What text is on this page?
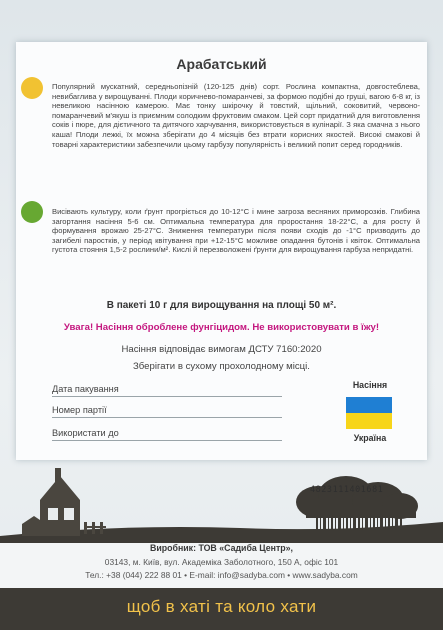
Арабатський
Популярний мускатний, середньопізній (120-125 днів) сорт. Рослина компактна, довгостеблева, невибаглива у вирощуванні. Плоди коричнево-помаранчеві, за формою подібні до груші, вагою 6-8 кг, із невеликою насінною камерою. Має тонку шкірочку й товстий, щільний, соковитий, червоно-помаранчевий м'якуш із приємним солодким фруктовим смаком. Цей сорт придатний для виготовлення соків і пюре, для дієтичного та дитячого харчування, використовується в кулінарії. З яка смачна з нього каша! Плоди лежкі, їх можна зберігати до 4 місяців без втрати корисних якостей. Високі смакові й товарні характеристики забезпечили цьому гарбузу популярність і великий попит серед городників.
Висівають культуру, коли ґрунт прогріється до 10-12°С і мине загроза весняних приморозків. Глибина загортання насіння 5-6 см. Оптимальна температура для проростання 18-22°С, а для росту й формування врожаю 25-27°С. Зниження температури після появи сходів до -1°С призводить до загибелі паростків, у період квітування при +12-15°С можливе опадання бутонів і квіток. Оптимальна густота стояння 1,5-2 рослини/м². Кислі й перезволожені ґрунти для вирощування гарбуза непридатні.
В пакеті 10 г для вирощування на площі 50 м².
Увага! Насіння оброблене фунгіцидом. Не використовувати в їжу!
Насіння відповідає вимогам ДСТУ 7160:2020
Зберігати в сухому прохолодному місці.
Дата пакування
Номер партії
Використати до
Насіння
Україна
4823111401681
Виробник: ТОВ «Садиба Центр»,
03143, м. Київ, вул. Академіка Заболотного, 150 А, офіс 101
Тел.: +38 (044) 222 88 01 • E-mail: info@sadyba.com • www.sadyba.com
щоб в хаті та коло хати
